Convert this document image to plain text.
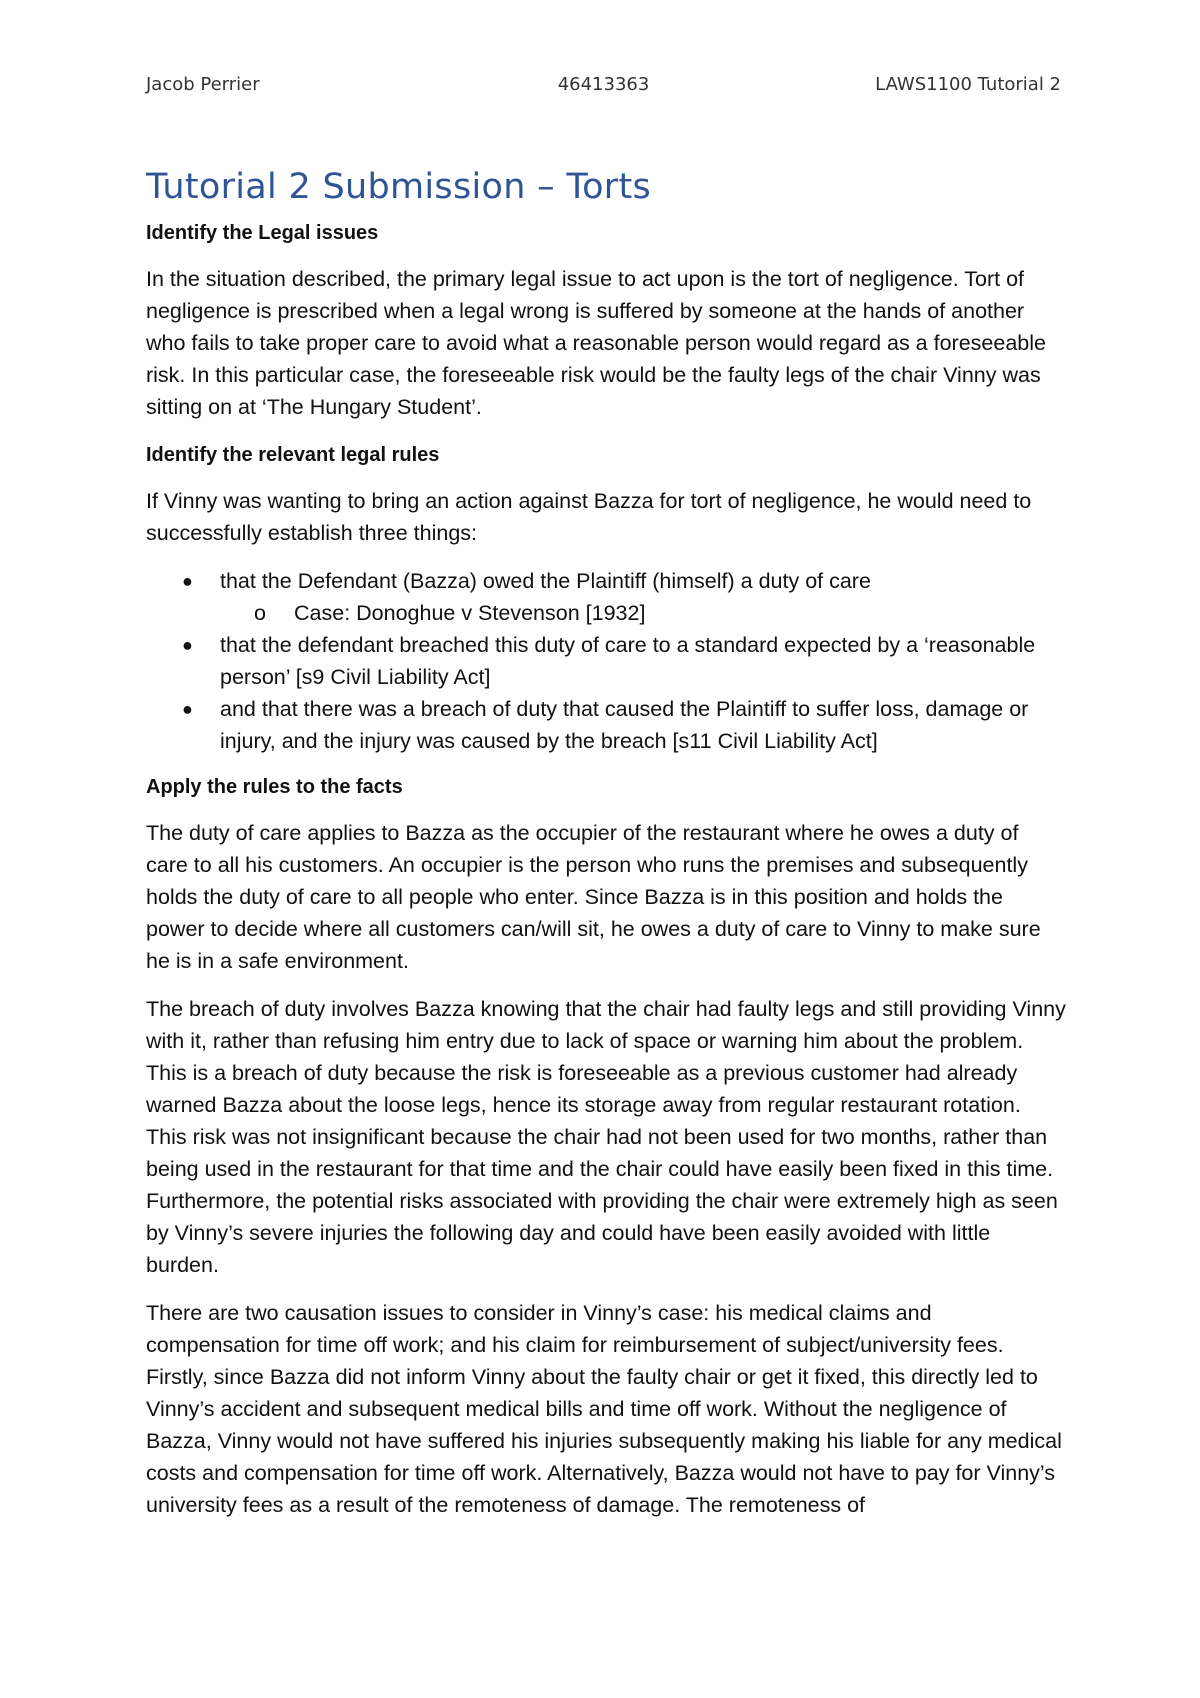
Jacob Perrier	46413363	LAWS1100 Tutorial 2
Tutorial 2 Submission – Torts
Identify the Legal issues

In the situation described, the primary legal issue to act upon is the tort of negligence. Tort of negligence is prescribed when a legal wrong is suffered by someone at the hands of another who fails to take proper care to avoid what a reasonable person would regard as a foreseeable risk. In this particular case, the foreseeable risk would be the faulty legs of the chair Vinny was sitting on at ‘The Hungary Student’.

Identify the relevant legal rules

If Vinny was wanting to bring an action against Bazza for tort of negligence, he would need to successfully establish three things:

● that the Defendant (Bazza) owed the Plaintiff (himself) a duty of care
o Case: Donoghue v Stevenson [1932]
● that the defendant breached this duty of care to a standard expected by a ‘reasonable person’ [s9 Civil Liability Act]
● and that there was a breach of duty that caused the Plaintiff to suffer loss, damage or injury, and the injury was caused by the breach [s11 Civil Liability Act]
Apply the rules to the facts

The duty of care applies to Bazza as the occupier of the restaurant where he owes a duty of care to all his customers. An occupier is the person who runs the premises and subsequently holds the duty of care to all people who enter. Since Bazza is in this position and holds the power to decide where all customers can/will sit, he owes a duty of care to Vinny to make sure he is in a safe environment.

The breach of duty involves Bazza knowing that the chair had faulty legs and still providing Vinny with it, rather than refusing him entry due to lack of space or warning him about the problem. This is a breach of duty because the risk is foreseeable as a previous customer had already warned Bazza about the loose legs, hence its storage away from regular restaurant rotation. This risk was not insignificant because the chair had not been used for two months, rather than being used in the restaurant for that time and the chair could have easily been fixed in this time. Furthermore, the potential risks associated with providing the chair were extremely high as seen by Vinny’s severe injuries the following day and could have been easily avoided with little burden.

There are two causation issues to consider in Vinny’s case: his medical claims and compensation for time off work; and his claim for reimbursement of subject/university fees. Firstly, since Bazza did not inform Vinny about the faulty chair or get it fixed, this directly led to Vinny’s accident and subsequent medical bills and time off work. Without the negligence of Bazza, Vinny would not have suffered his injuries subsequently making his liable for any medical costs and compensation for time off work. Alternatively, Bazza would not have to pay for Vinny’s university fees as a result of the remoteness of damage. The remoteness of
